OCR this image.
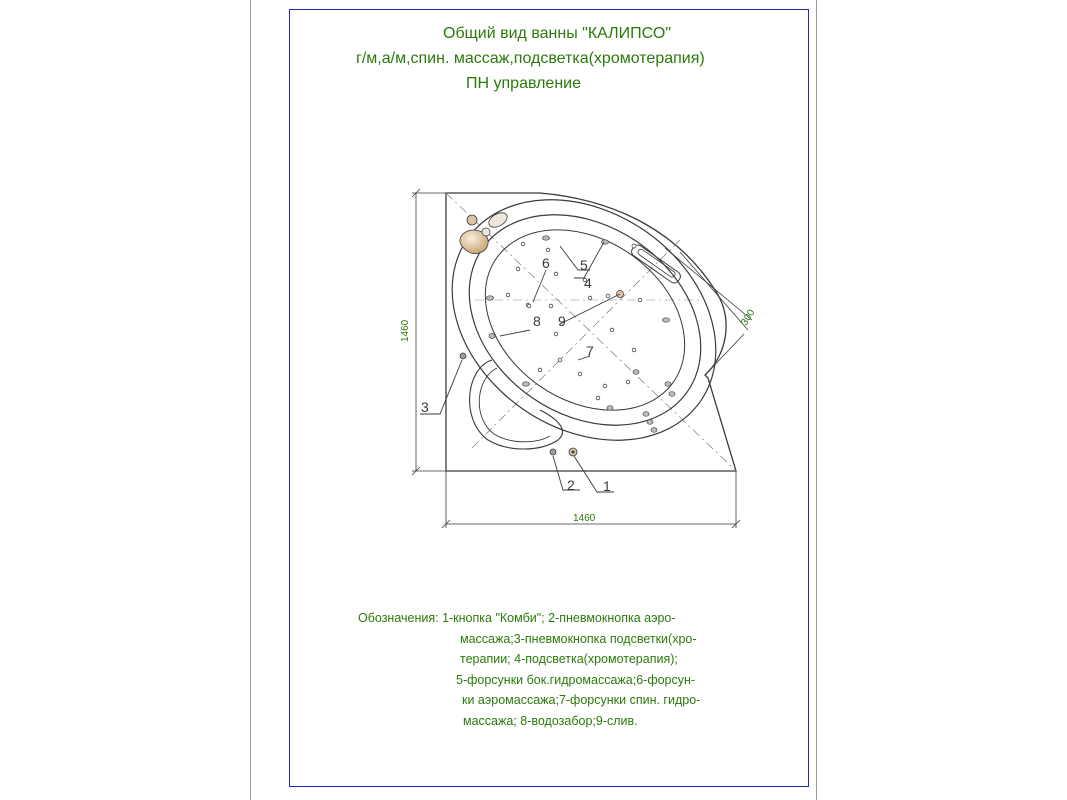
Общий вид ванны "КАЛИПСО"
г/м,а/м,спин. массаж,подсветка(хромотерапия)
ПН управление
1
2
3
4
5
6
7
8 9
1460
1460
300
Обозначения: 1-кнопка "Комби"; 2-пневмокнопка аэро-
массажа;3-пневмокнопка подсветки(хро-
терапии; 4-подсветка(хромотерапия);
5-форсунки бок.гидромассажа;6-форсун-
ки аэромассажа;7-форсунки спин. гидро-
массажа; 8-водозабор;9-слив.
